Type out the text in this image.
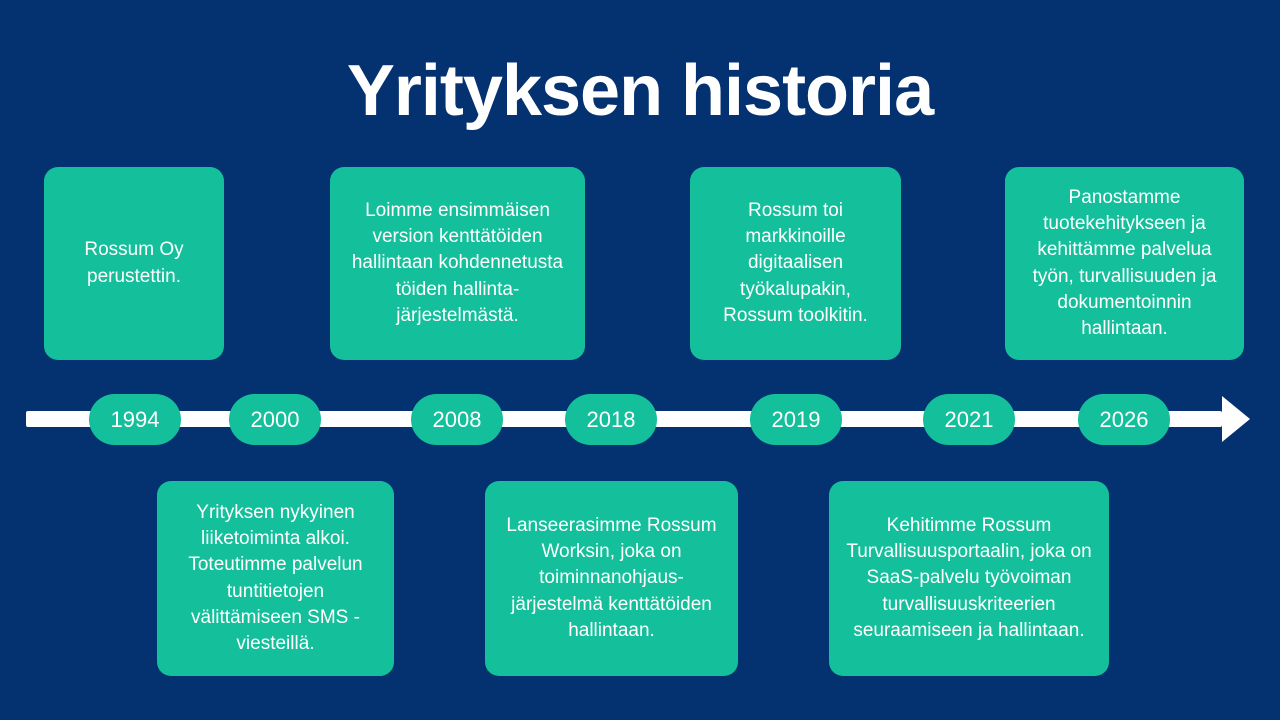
Yrityksen historia
Rossum Oy perustettin.
Loimme ensimmäisen version kenttätöiden hallintaan kohdennetusta töiden hallinta-järjestelmästä.
Rossum toi markkinoille digitaalisen työkalupakin, Rossum toolkitin.
Panostamme tuotekehitykseen ja kehittämme palvelua työn, turvallisuuden ja dokumentoinnin hallintaan.
1994	2000	2008	2018	2019	2021	2026
Yrityksen nykyinen liiketoiminta alkoi. Toteutimme palvelun tuntitietojen välittämiseen SMS -viesteillä.
Lanseerasimme Rossum Worksin, joka on toiminnanohjaus-järjestelmä kenttätöiden hallintaan.
Kehitimme Rossum Turvallisuusportaalin, joka on SaaS-palvelu työvoiman turvallisuuskriteerien seuraamiseen ja hallintaan.
